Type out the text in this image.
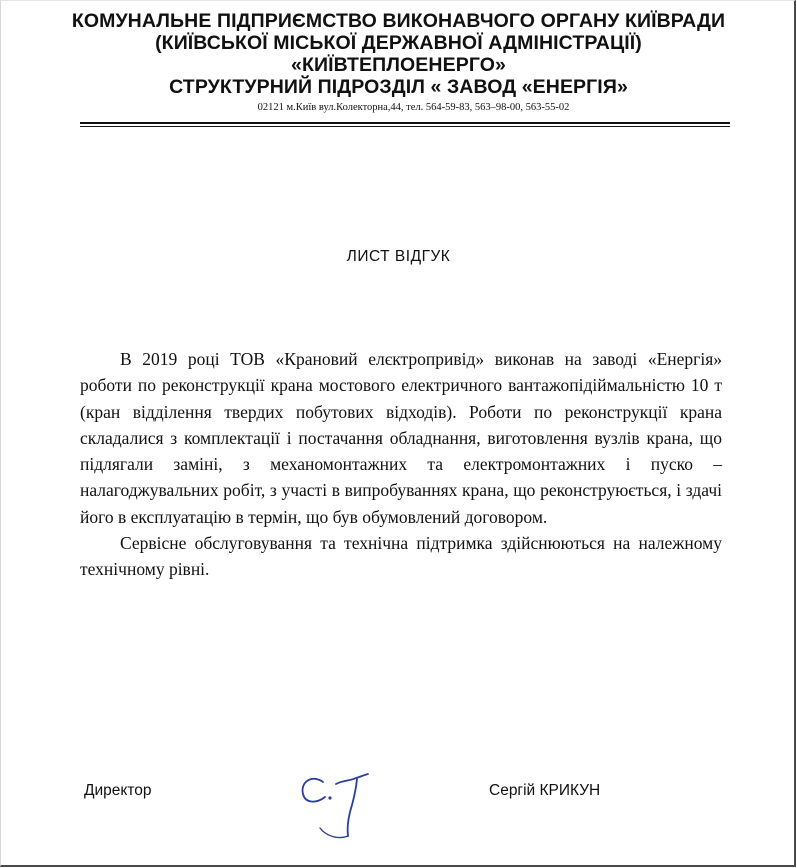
КОМУНАЛЬНЕ ПІДПРИЄМСТВО ВИКОНАВЧОГО ОРГАНУ КИЇВРАДИ
(КИЇВСЬКОЇ МІСЬКОЇ ДЕРЖАВНОЇ АДМІНІСТРАЦІЇ)
«КИЇВТЕПЛОЕНЕРГО»
СТРУКТУРНИЙ ПІДРОЗДІЛ « ЗАВОД «ЕНЕРГІЯ»
02121 м.Київ вул.Колекторна,44, тел. 564-59-83, 563–98-00, 563-55-02
ЛИСТ ВІДГУК

В 2019 році ТОВ «Крановий елєктропривід» виконав на заводі «Енергія» роботи по реконструкції крана мостового електричного вантажопідіймальністю 10 т (кран відділення твердих побутових відходів). Роботи по реконструкції крана складалися з комплектації і постачання обладнання, виготовлення вузлів крана, що підлягали заміні, з механомонтажних та електромонтажних і пуско – налагоджувальних робіт, з участі в випробуваннях крана, що реконструюється, і здачі його в експлуатацію в термін, що був обумовлений договором.

Сервісне обслуговування та технічна підтримка здійснюються на належному технічному рівні.

Директор	Сергій КРИКУН
